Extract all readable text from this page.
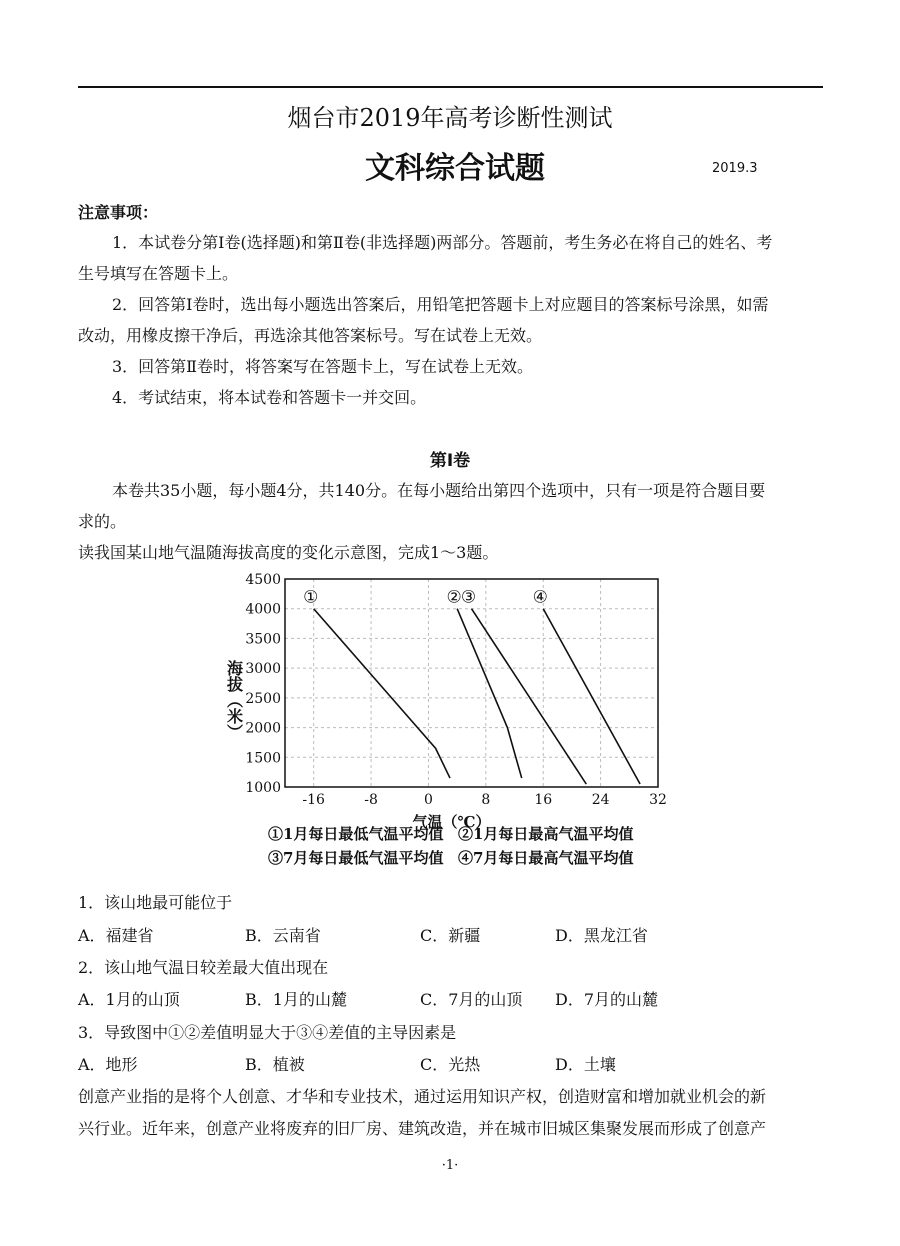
烟台市2019年高考诊断性测试
文科综合试题	2019.3
注意事项：
1．本试卷分第Ⅰ卷(选择题)和第Ⅱ卷(非选择题)两部分。答题前，考生务必在将自己的姓名、考
生号填写在答题卡上。
2．回答第Ⅰ卷时，选出每小题选出答案后，用铅笔把答题卡上对应题目的答案标号涂黑，如需
改动，用橡皮擦干净后，再选涂其他答案标号。写在试卷上无效。
3．回答第Ⅱ卷时，将答案写在答题卡上，写在试卷上无效。
4．考试结束，将本试卷和答题卡一并交回。
第Ⅰ卷
本卷共35小题，每小题4分，共140分。在每小题给出第四个选项中，只有一项是符合题目要
求的。
读我国某山地气温随海拔高度的变化示意图，完成1～3题。
-16	-8	0	8	16	24	32
1000
1500
2000
2500
3000
3500
4000
4500
海拔（米）
气温（℃）
①	② ③	④
①1月每日最低气温平均值 ②1月每日最高气温平均值
③7月每日最低气温平均值 ④7月每日最高气温平均值
1．该山地最可能位于
A．福建省	B．云南省	C．新疆	D．黑龙江省
2．该山地气温日较差最大值出现在
A．1月的山顶	B．1月的山麓	C．7月的山顶 D．7月的山麓
3．导致图中①②差值明显大于③④差值的主导因素是
A．地形	B．植被	C．光热	D．土壤
创意产业指的是将个人创意、才华和专业技术，通过运用知识产权，创造财富和增加就业机会的新
兴行业。近年来，创意产业将废弃的旧厂房、建筑改造，并在城市旧城区集聚发展而形成了创意产
·1·
